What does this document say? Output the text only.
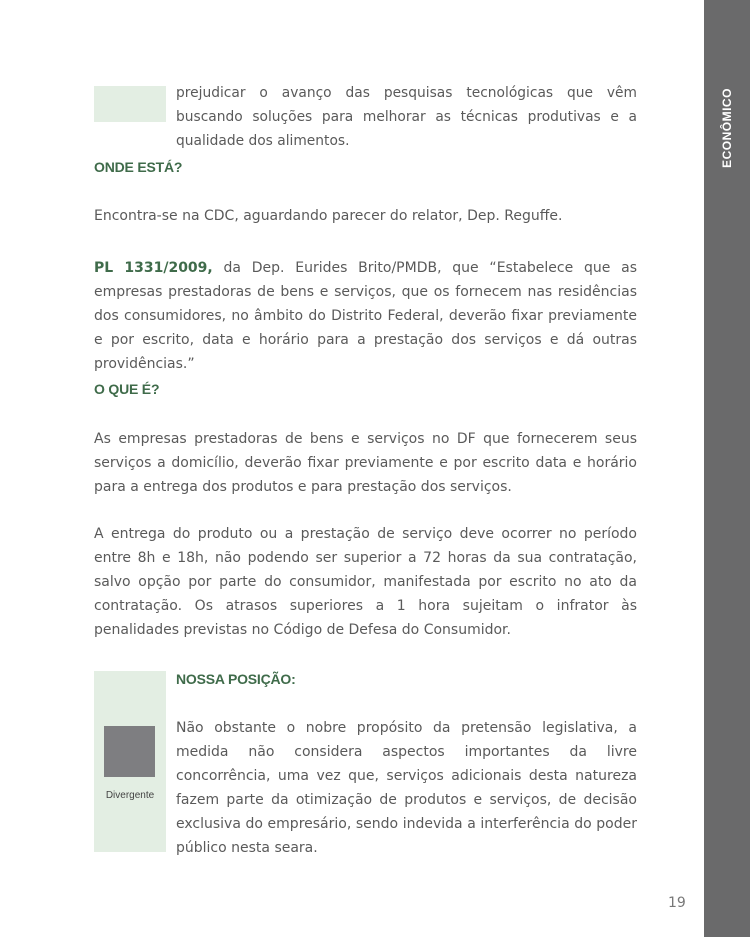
ECONÔMICO

prejudicar o avanço das pesquisas tecnológicas que vêm buscando soluções para melhorar as técnicas produtivas e a qualidade dos alimentos.

ONDE ESTÁ?

Encontra-se na CDC, aguardando parecer do relator, Dep. Reguffe.

PL 1331/2009, da Dep. Eurides Brito/PMDB, que “Estabelece que as empresas prestadoras de bens e serviços, que os fornecem nas residências dos consumidores, no âmbito do Distrito Federal, deverão fixar previamente e por escrito, data e horário para a prestação dos serviços e dá outras providências.”

O QUE É?

As empresas prestadoras de bens e serviços no DF que fornecerem seus serviços a domicílio, deverão fixar previamente e por escrito data e horário para a entrega dos produtos e para prestação dos serviços.

A entrega do produto ou a prestação de serviço deve ocorrer no período entre 8h e 18h, não podendo ser superior a 72 horas da sua contratação, salvo opção por parte do consumidor, manifestada por escrito no ato da contratação. Os atrasos superiores a 1 hora sujeitam o infrator às penalidades previstas no Código de Defesa do Consumidor.

Divergente
NOSSA POSIÇÃO:

Não obstante o nobre propósito da pretensão legislativa, a medida não considera aspectos importantes da livre concorrência, uma vez que, serviços adicionais desta natureza fazem parte da otimização de produtos e serviços, de decisão exclusiva do empresário, sendo indevida a interferência do poder público nesta seara.

19
